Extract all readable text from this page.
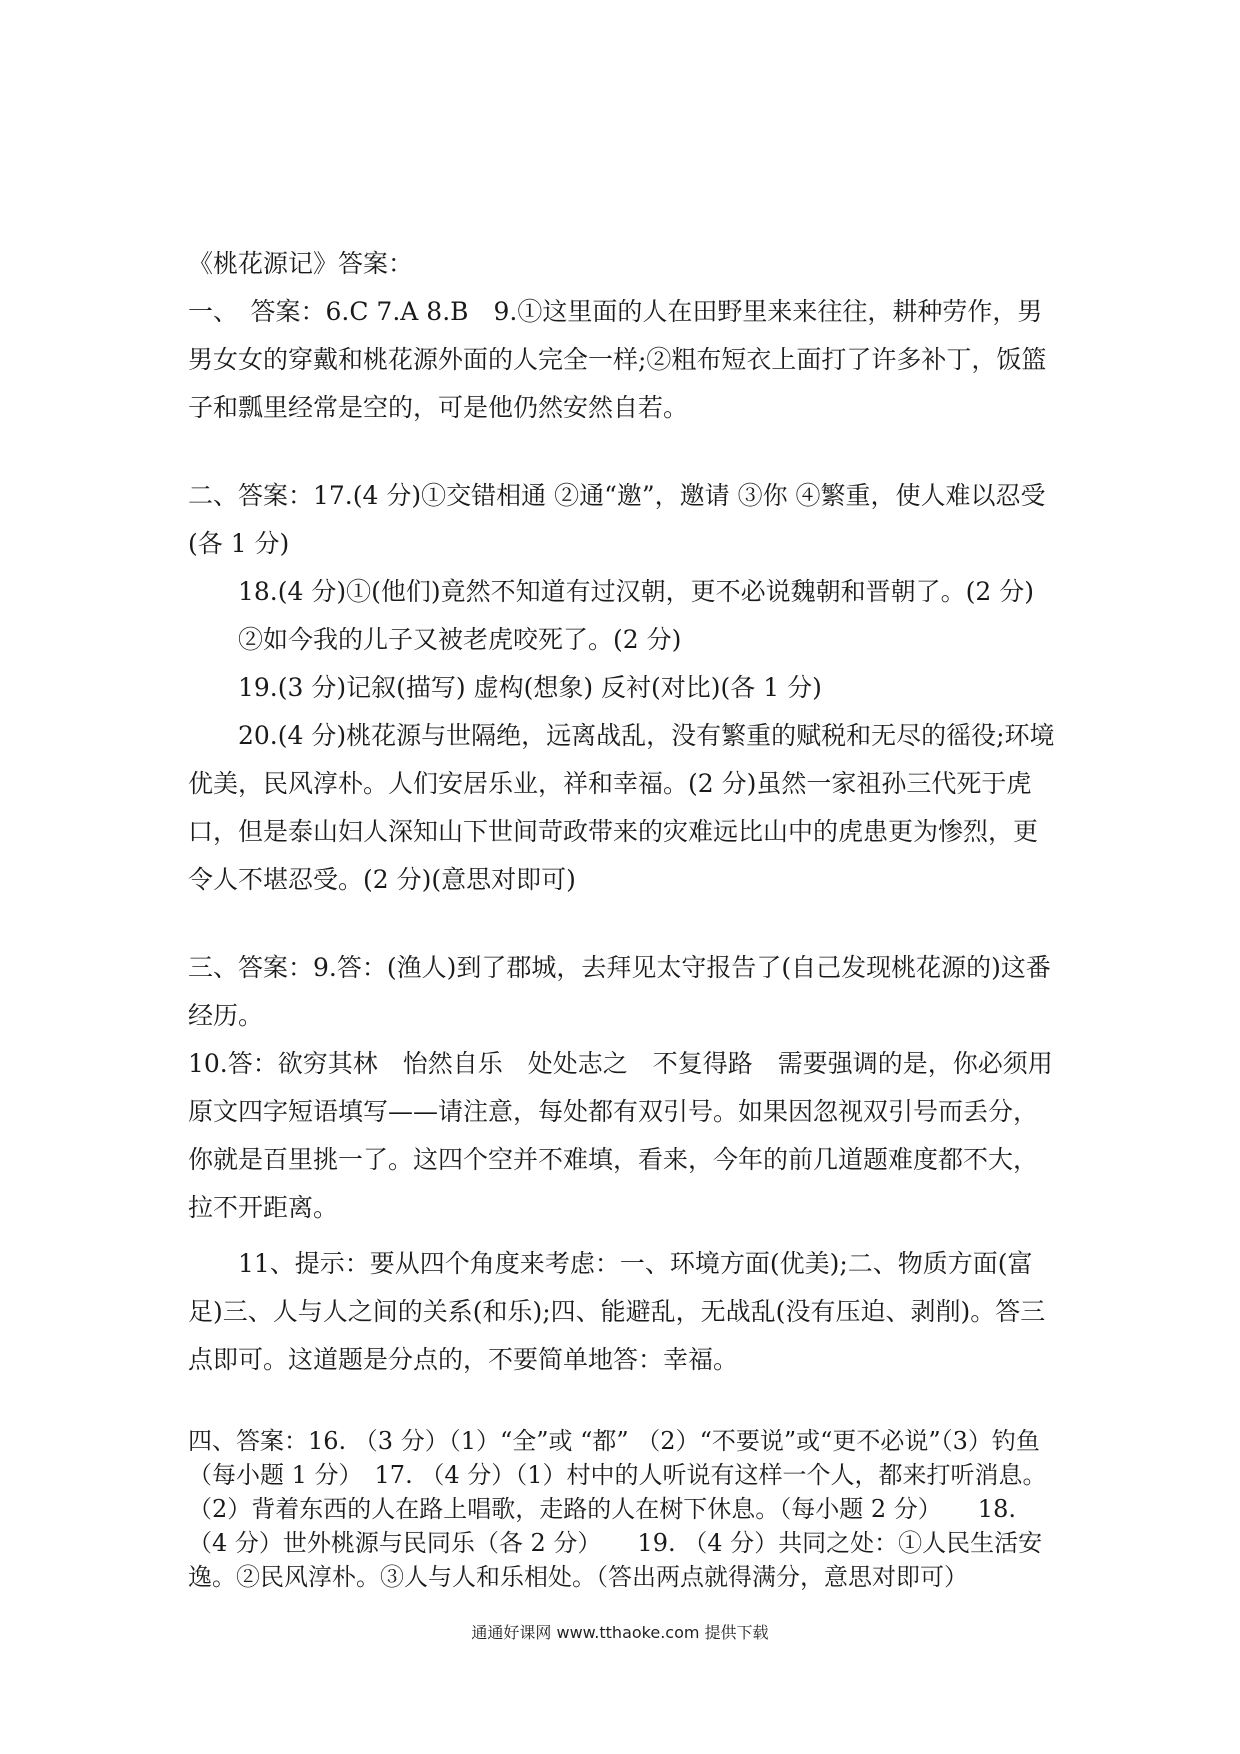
《桃花源记》答案：

一、　答案：6.C 7.A 8.B　9.①这里面的人在田野里来来往往，耕种劳作，男男女女的穿戴和桃花源外面的人完全一样;②粗布短衣上面打了许多补丁，饭篮子和瓢里经常是空的，可是他仍然安然自若。

二、答案：17.(4 分)①交错相通 ②通“邀”，邀请 ③你 ④繁重，使人难以忍受(各 1 分)

18.(4 分)①(他们)竟然不知道有过汉朝，更不必说魏朝和晋朝了。(2 分)

②如今我的儿子又被老虎咬死了。(2 分)

19.(3 分)记叙(描写) 虚构(想象) 反衬(对比)(各 1 分)

20.(4 分)桃花源与世隔绝，远离战乱，没有繁重的赋税和无尽的徭役;环境优美，民风淳朴。人们安居乐业，祥和幸福。(2 分)虽然一家祖孙三代死于虎口，但是泰山妇人深知山下世间苛政带来的灾难远比山中的虎患更为惨烈，更令人不堪忍受。(2 分)(意思对即可)

三、答案：9.答：(渔人)到了郡城，去拜见太守报告了(自己发现桃花源的)这番经历。

10.答：欲穷其林　怡然自乐　处处志之　不复得路　需要强调的是，你必须用原文四字短语填写——请注意，每处都有双引号。如果因忽视双引号而丢分，你就是百里挑一了。这四个空并不难填，看来，今年的前几道题难度都不大，拉不开距离。

11、提示：要从四个角度来考虑：一、环境方面(优美);二、物质方面(富足)三、人与人之间的关系(和乐);四、能避乱，无战乱(没有压迫、剥削)。答三点即可。这道题是分点的，不要简单地答：幸福。

四、答案：16. （3 分）（1）“全”或 “都” （2）“不要说”或“更不必说”（3）钓鱼（每小题 1 分）　17. （4 分）（1）村中的人听说有这样一个人，都来打听消息。（2）背着东西的人在路上唱歌，走路的人在树下休息。（每小题 2 分）　　18. （4 分）世外桃源与民同乐（各 2 分）　　19. （4 分）共同之处：①人民生活安逸。②民风淳朴。③人与人和乐相处。（答出两点就得满分，意思对即可）

通通好课网 www.tthaoke.com 提供下载
